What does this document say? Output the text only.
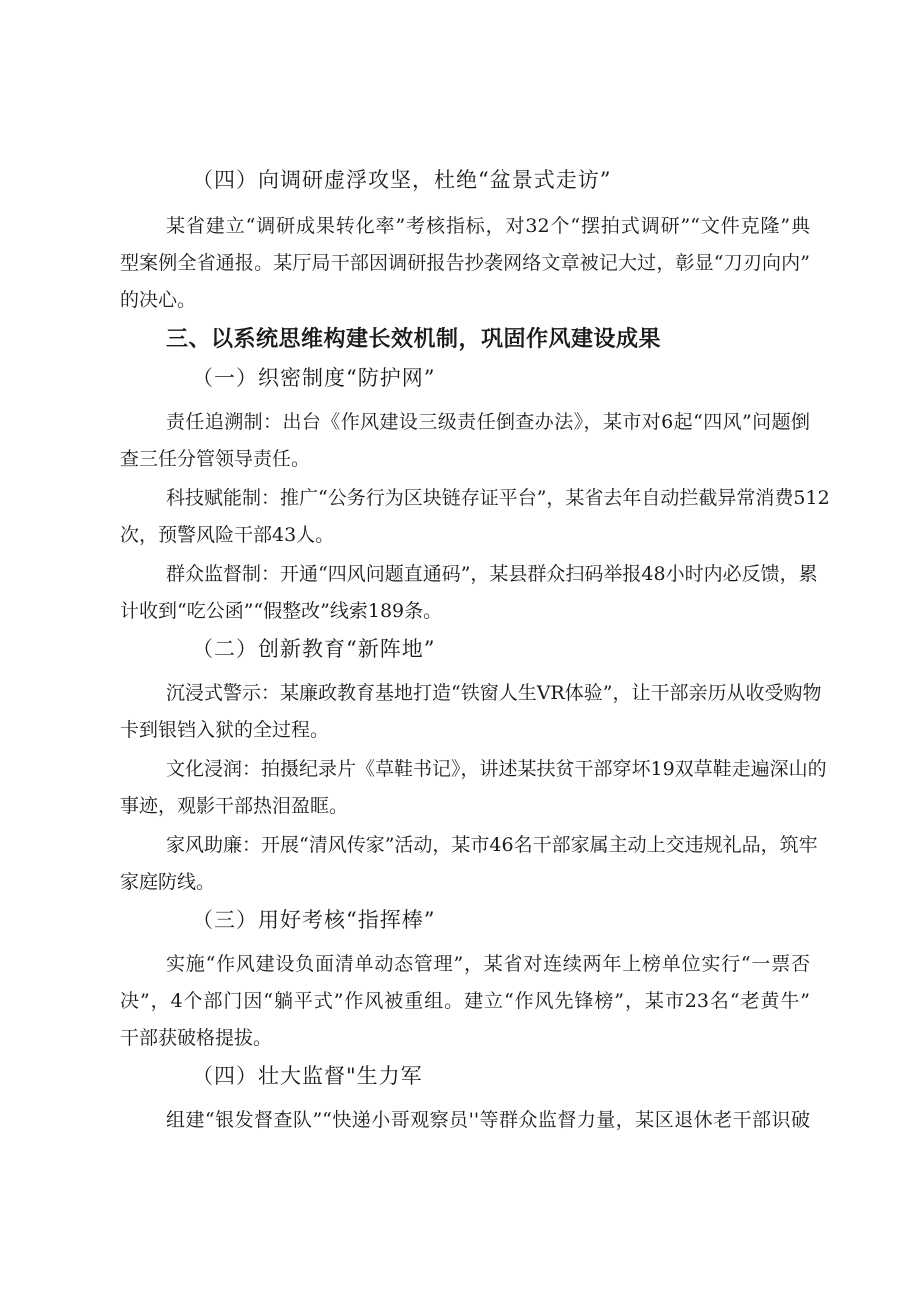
（四）向调研虚浮攻坚，杜绝“盆景式走访”
某省建立“调研成果转化率”考核指标，对32个“摆拍式调研”“文件克隆”典
型案例全省通报。某厅局干部因调研报告抄袭网络文章被记大过，彰显“刀刃向内”
的决心。
三、以系统思维构建长效机制，巩固作风建设成果
（一）织密制度“防护网”
责任追溯制：出台《作风建设三级责任倒查办法》，某市对6起“四风”问题倒
查三任分管领导责任。
科技赋能制：推广“公务行为区块链存证平台”，某省去年自动拦截异常消费512
次，预警风险干部43人。
群众监督制：开通“四风问题直通码”，某县群众扫码举报48小时内必反馈，累
计收到“吃公函”“假整改”线索189条。
（二）创新教育“新阵地”
沉浸式警示：某廉政教育基地打造“铁窗人生VR体验”，让干部亲历从收受购物
卡到银铛入狱的全过程。
文化浸润：拍摄纪录片《草鞋书记》，讲述某扶贫干部穿坏19双草鞋走遍深山的
事迹，观影干部热泪盈眶。
家风助廉：开展“清风传家”活动，某市46名干部家属主动上交违规礼品，筑牢
家庭防线。
（三）用好考核“指挥棒”
实施“作风建设负面清单动态管理”，某省对连续两年上榜单位实行“一票否
决”，4个部门因“躺平式”作风被重组。建立“作风先锋榜”，某市23名“老黄牛”
干部获破格提拔。
（四）壮大监督"生力军
组建“银发督查队”“快递小哥观察员''等群众监督力量，某区退休老干部识破
